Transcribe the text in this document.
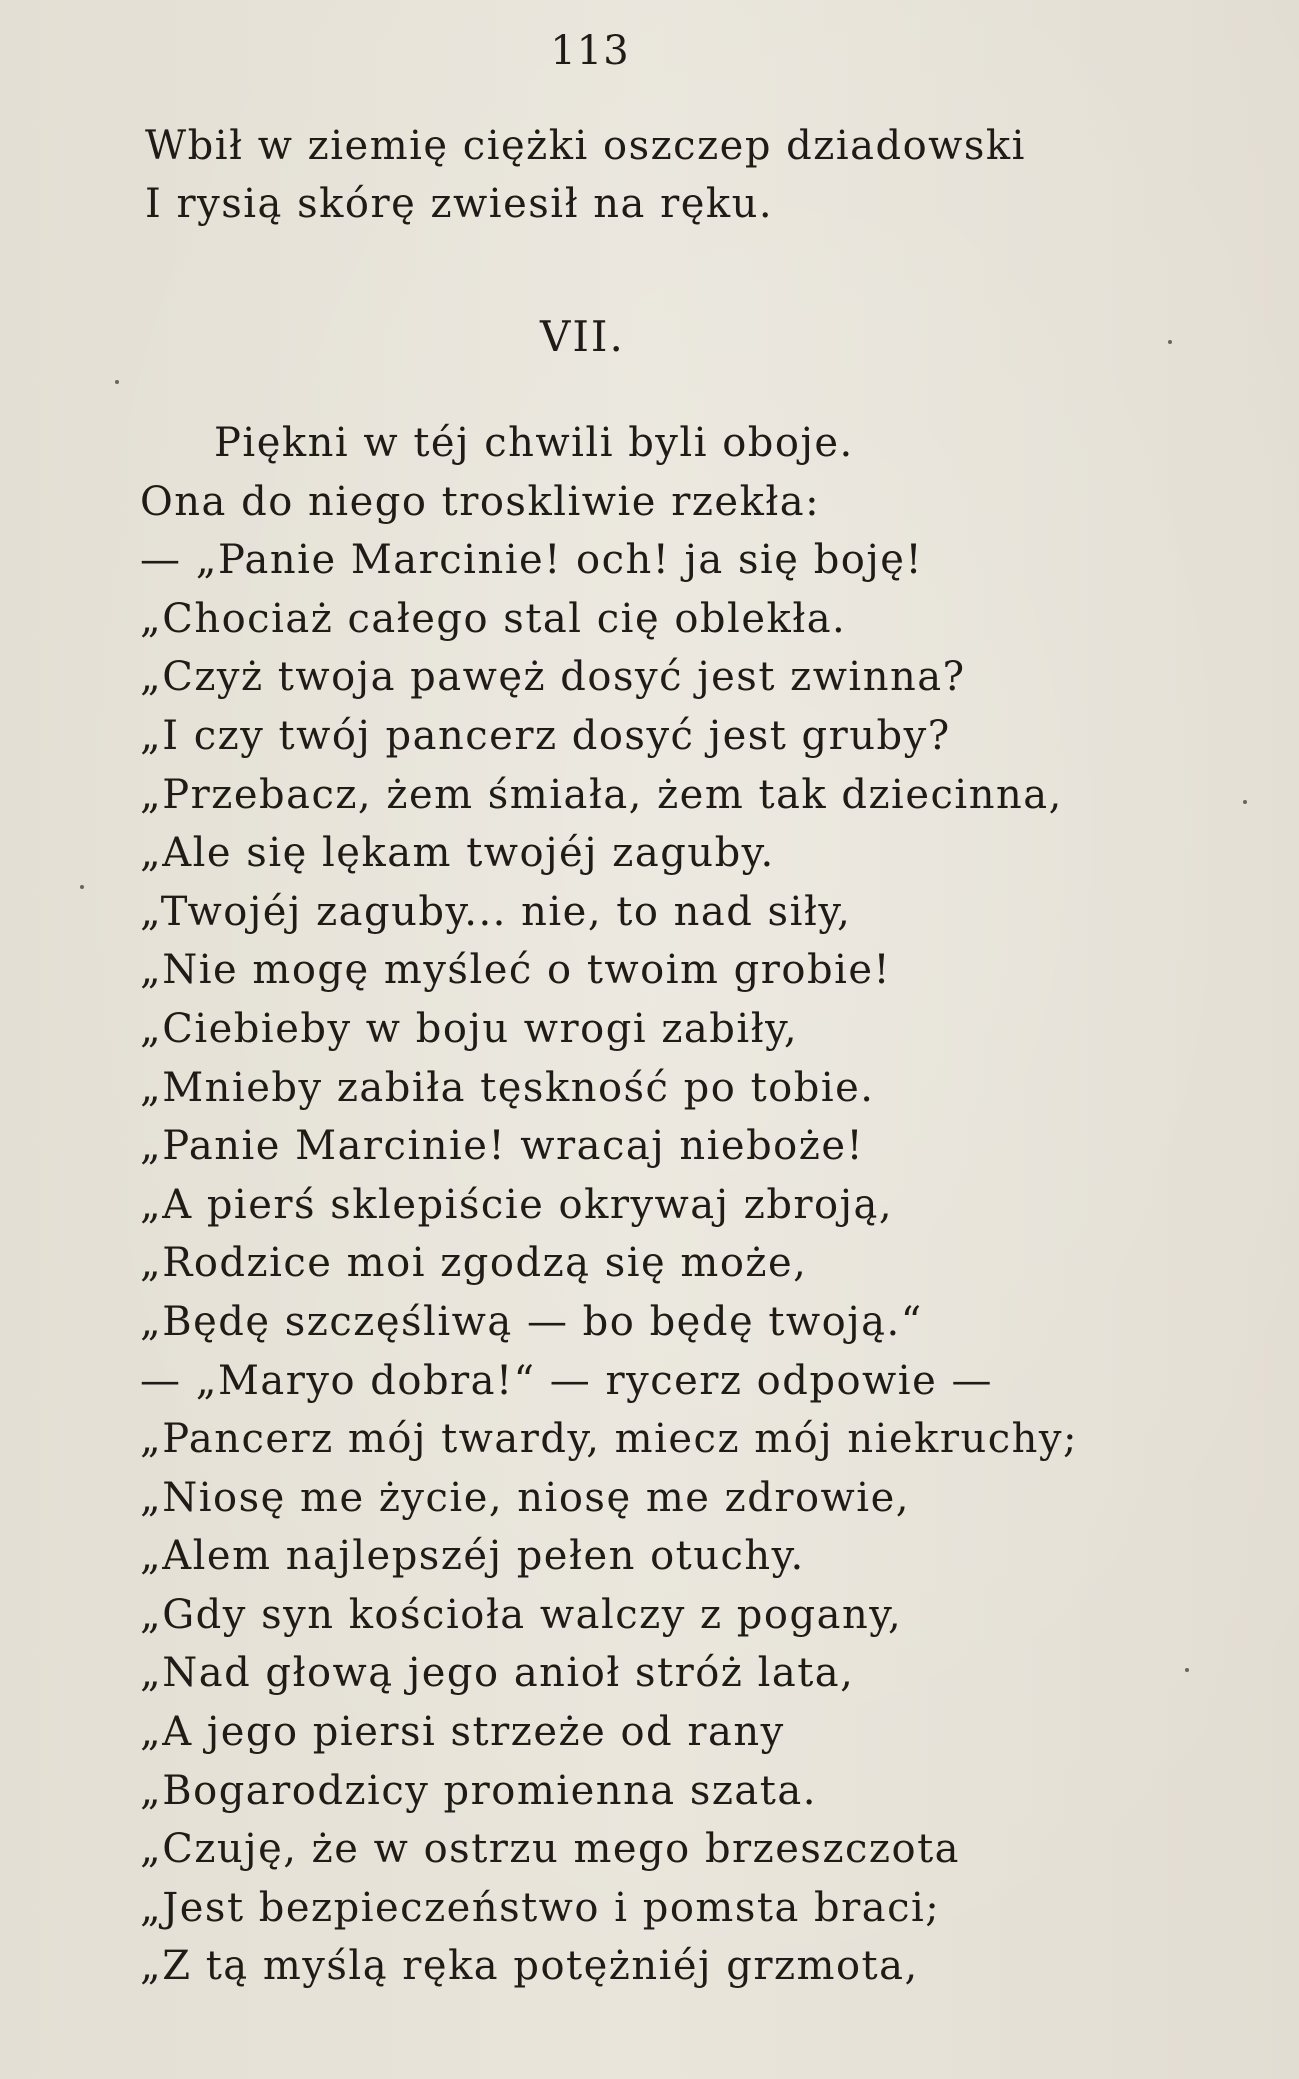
113
Wbił w ziemię ciężki oszczep dziadowski
I rysią skórę zwiesił na ręku.
VII.
Piękni w téj chwili byli oboje.
Ona do niego troskliwie rzekła:
— „Panie Marcinie! och! ja się boję!
„Chociaż całego stal cię oblekła.
„Czyż twoja pawęż dosyć jest zwinna?
„I czy twój pancerz dosyć jest gruby?
„Przebacz, żem śmiała, żem tak dziecinna,
„Ale się lękam twojéj zaguby.
„Twojéj zaguby... nie, to nad siły,
„Nie mogę myśleć o twoim grobie!
„Ciebieby w boju wrogi zabiły,
„Mnieby zabiła tęskność po tobie.
„Panie Marcinie! wracaj nieboże!
„A pierś sklepiście okrywaj zbroją,
„Rodzice moi zgodzą się może,
„Będę szczęśliwą — bo będę twoją.“
— „Maryo dobra!“ — rycerz odpowie —
„Pancerz mój twardy, miecz mój niekruchy;
„Niosę me życie, niosę me zdrowie,
„Alem najlepszéj pełen otuchy.
„Gdy syn kościoła walczy z pogany,
„Nad głową jego anioł stróż lata,
„A jego piersi strzeże od rany
„Bogarodzicy promienna szata.
„Czuję, że w ostrzu mego brzeszczota
„Jest bezpieczeństwo i pomsta braci;
„Z tą myślą ręka potężniéj grzmota,
